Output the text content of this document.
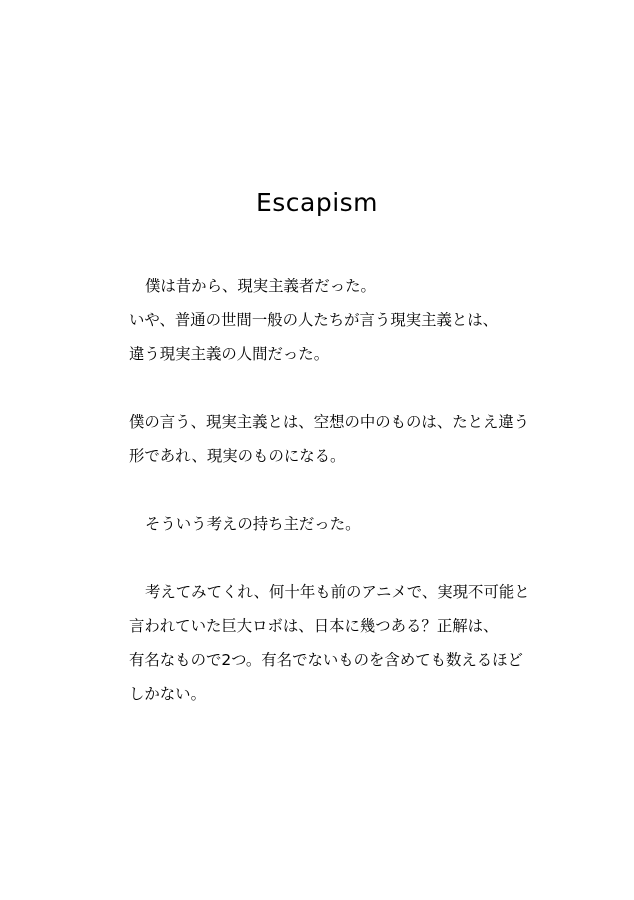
Escapism
僕は昔から、現実主義者だった。
いや、普通の世間一般の人たちが言う現実主義とは、
違う現実主義の人間だった。
僕の言う、現実主義とは、空想の中のものは、たとえ違う
形であれ、現実のものになる。
そういう考えの持ち主だった。
考えてみてくれ、何十年も前のアニメで、実現不可能と
言われていた巨大ロボは、日本に幾つある？正解は、
有名なもので2つ。有名でないものを含めても数えるほど
しかない。
